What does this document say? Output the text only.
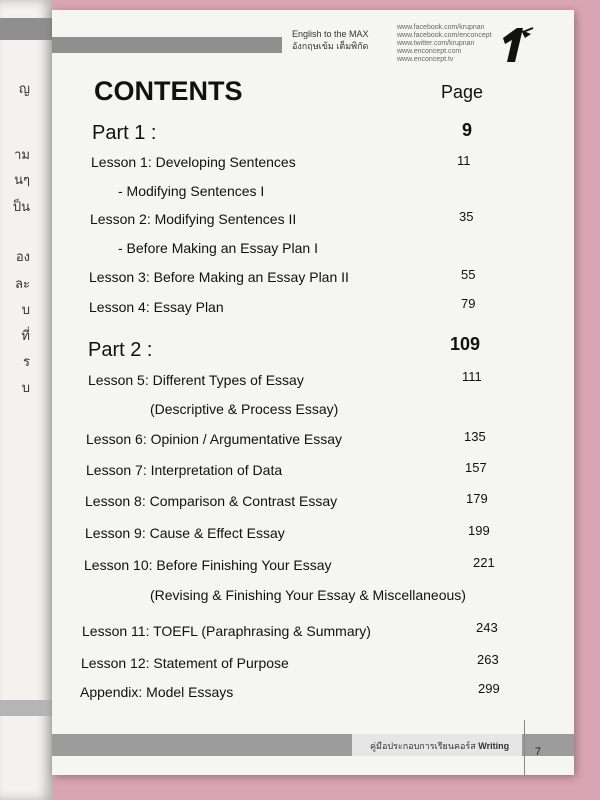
ญ
าม
นๆ
ป็น
อง
ละ
บ
ที่
ร
บ
English to the MAX
อังกฤษเข้ม เต็มพิกัด
www.facebook.com/krupnan
www.facebook.com/enconcept
www.twitter.com/krupnan
www.enconcept.com
www.enconcept.tv
CONTENTS	Page
Part 1 :	9
Lesson 1: Developing Sentences	11
- Modifying Sentences I
Lesson 2: Modifying Sentences II	35
- Before Making an Essay Plan I
Lesson 3: Before Making an Essay Plan II	55
Lesson 4: Essay Plan	79
Part 2 :	109
Lesson 5: Different Types of Essay	111
(Descriptive & Process Essay)
Lesson 6: Opinion / Argumentative Essay	135
Lesson 7: Interpretation of Data	157
Lesson 8: Comparison & Contrast Essay	179
Lesson 9: Cause & Effect Essay	199
Lesson 10: Before Finishing Your Essay	221
(Revising & Finishing Your Essay & Miscellaneous)
Lesson 11: TOEFL (Paraphrasing & Summary)	243
Lesson 12: Statement of Purpose	263
Appendix: Model Essays	299
คู่มือประกอบการเรียนคอร์ส Writing 7
